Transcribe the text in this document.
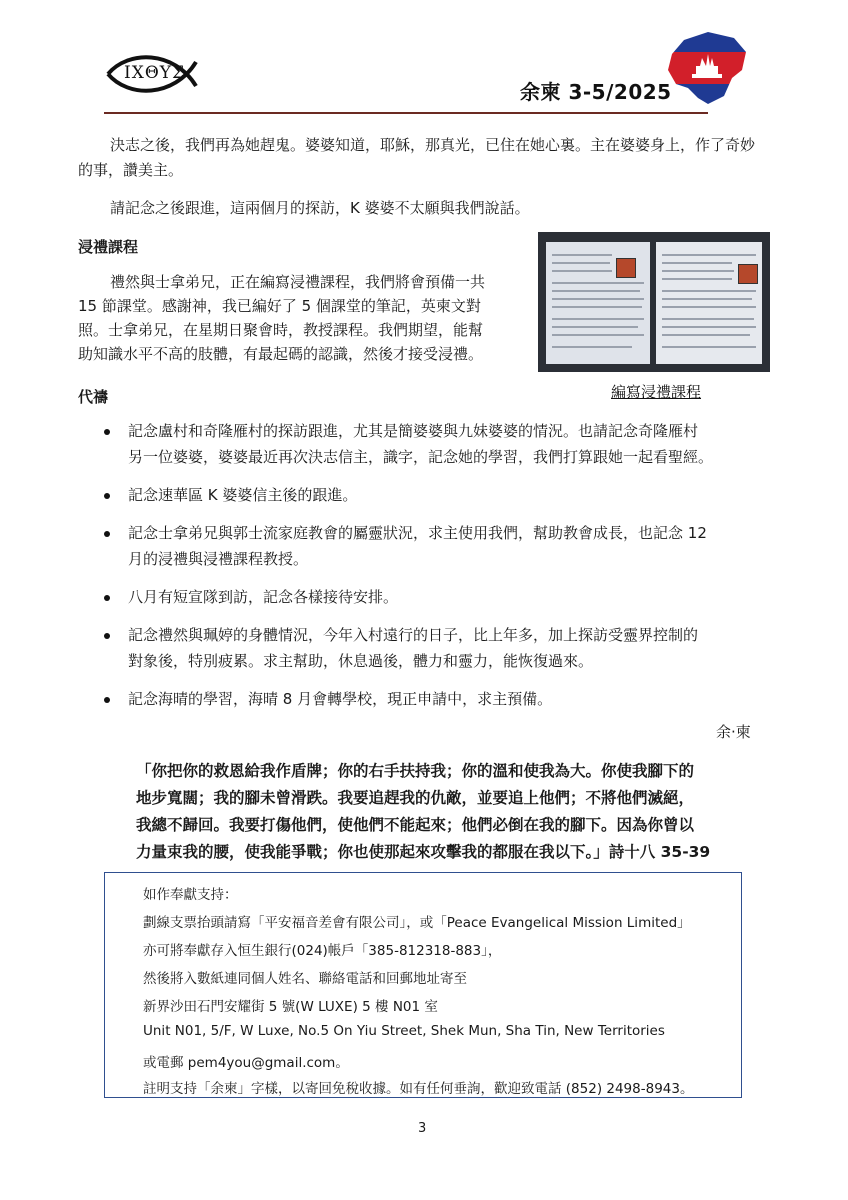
ΙΧΘΥΣ
余柬 3-5/2025

決志之後，我們再為她趕鬼。婆婆知道，耶穌，那真光，已住在她心裏。主在婆婆身上，作了奇妙的事，讚美主。

請記念之後跟進，這兩個月的探訪，K 婆婆不太願與我們說話。

浸禮課程
禮然與士拿弟兄，正在編寫浸禮課程，我們將會預備一共
15 節課堂。感謝神，我已編好了 5 個課堂的筆記，英柬文對
照。士拿弟兄，在星期日聚會時，教授課程。我們期望，能幫
助知識水平不高的肢體，有最起碼的認識，然後才接受浸禮。
編寫浸禮課程
代禱
記念盧村和奇隆雁村的探訪跟進，尤其是簡婆婆與九妹婆婆的情況。也請記念奇隆雁村
另一位婆婆，婆婆最近再次決志信主，識字，記念她的學習，我們打算跟她一起看聖經。
記念速華區 K 婆婆信主後的跟進。
記念士拿弟兄與郭士流家庭教會的屬靈狀況，求主使用我們，幫助教會成長，也記念 12
月的浸禮與浸禮課程教授。
八月有短宣隊到訪，記念各樣接待安排。
記念禮然與珮婷的身體情況，今年入村遠行的日子，比上年多，加上探訪受靈界控制的
對象後，特別疲累。求主幫助，休息過後，體力和靈力，能恢復過來。
記念海晴的學習，海晴 8 月會轉學校，現正申請中，求主預備。
余‧柬
「你把你的救恩給我作盾牌；你的右手扶持我；你的溫和使我為大。你使我腳下的
地步寬闊；我的腳未曾滑跌。我要追趕我的仇敵，並要追上他們；不將他們滅絕，
我總不歸回。我要打傷他們，使他們不能起來；他們必倒在我的腳下。因為你曾以
力量束我的腰，使我能爭戰；你也使那起來攻擊我的都服在我以下。」詩十八 35-39
如作奉獻支持：
劃線支票抬頭請寫「平安福音差會有限公司」，或「Peace Evangelical Mission Limited」
亦可將奉獻存入恒生銀行(024)帳戶「385-812318-883」，
然後將入數紙連同個人姓名、聯絡電話和回郵地址寄至
新界沙田石門安耀街 5 號(W LUXE) 5 樓 N01 室
Unit N01, 5/F, W Luxe, No.5 On Yiu Street, Shek Mun, Sha Tin, New Territories
或電郵 pem4you@gmail.com。
註明支持「余柬」字樣，以寄回免稅收據。如有任何垂詢，歡迎致電話 (852) 2498-8943。
3
